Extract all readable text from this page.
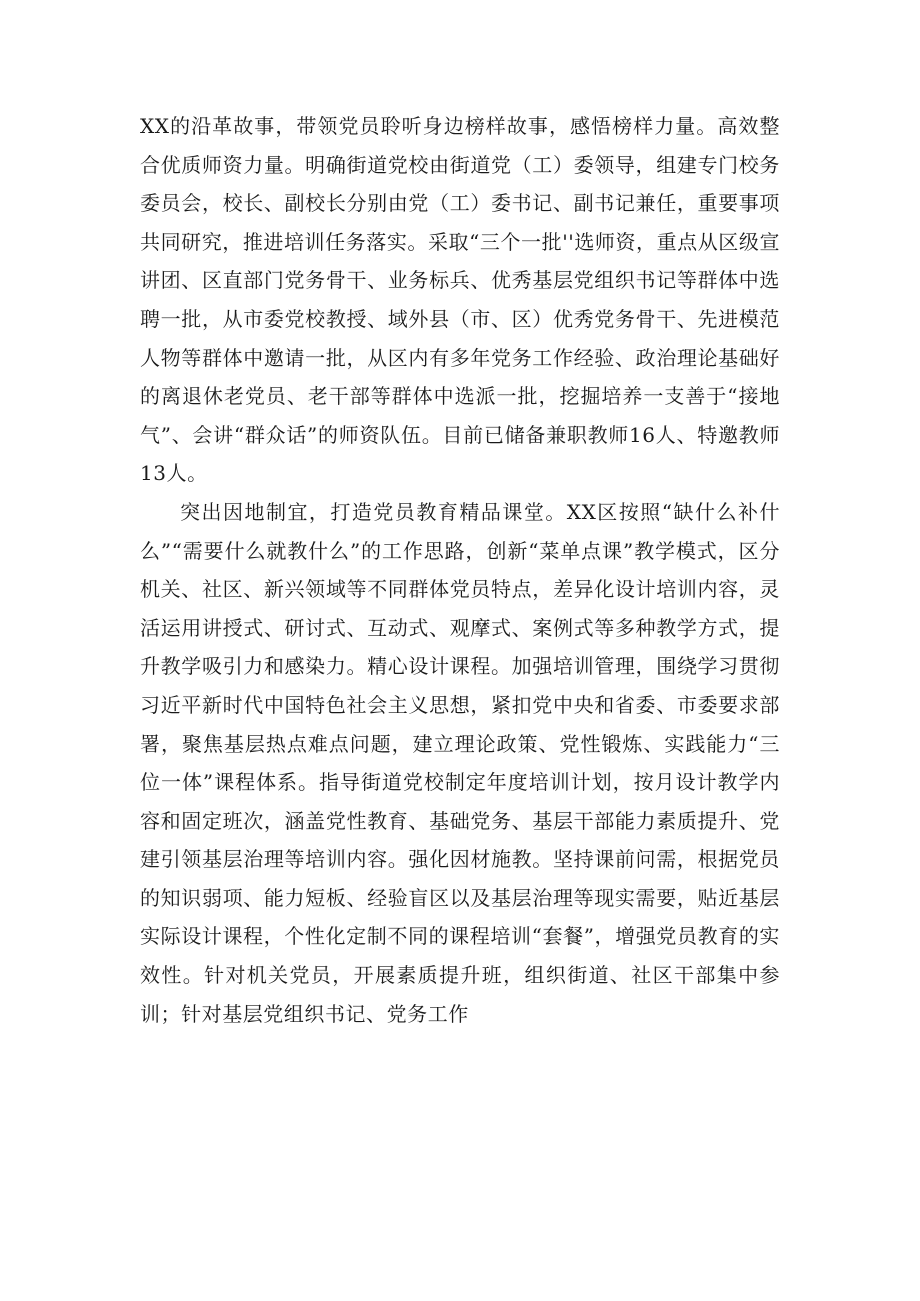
XX的沿革故事，带领党员聆听身边榜样故事，感悟榜样力量。高效整合优质师资力量。明确街道党校由街道党（工）委领导，组建专门校务委员会，校长、副校长分别由党（工）委书记、副书记兼任，重要事项共同研究，推进培训任务落实。采取“三个一批''选师资，重点从区级宣讲团、区直部门党务骨干、业务标兵、优秀基层党组织书记等群体中选聘一批，从市委党校教授、域外县（市、区）优秀党务骨干、先进模范人物等群体中邀请一批，从区内有多年党务工作经验、政治理论基础好的离退休老党员、老干部等群体中选派一批，挖掘培养一支善于“接地气”、会讲“群众话”的师资队伍。目前已储备兼职教师16人、特邀教师13人。

突出因地制宜，打造党员教育精品课堂。XX区按照“缺什么补什么”“需要什么就教什么”的工作思路，创新“菜单点课”教学模式，区分机关、社区、新兴领域等不同群体党员特点，差异化设计培训内容，灵活运用讲授式、研讨式、互动式、观摩式、案例式等多种教学方式，提升教学吸引力和感染力。精心设计课程。加强培训管理，围绕学习贯彻习近平新时代中国特色社会主义思想，紧扣党中央和省委、市委要求部署，聚焦基层热点难点问题，建立理论政策、党性锻炼、实践能力“三位一体”课程体系。指导街道党校制定年度培训计划，按月设计教学内容和固定班次，涵盖党性教育、基础党务、基层干部能力素质提升、党建引领基层治理等培训内容。强化因材施教。坚持课前问需，根据党员的知识弱项、能力短板、经验盲区以及基层治理等现实需要，贴近基层实际设计课程，个性化定制不同的课程培训“套餐”，增强党员教育的实效性。针对机关党员，开展素质提升班，组织街道、社区干部集中参训；针对基层党组织书记、党务工作
